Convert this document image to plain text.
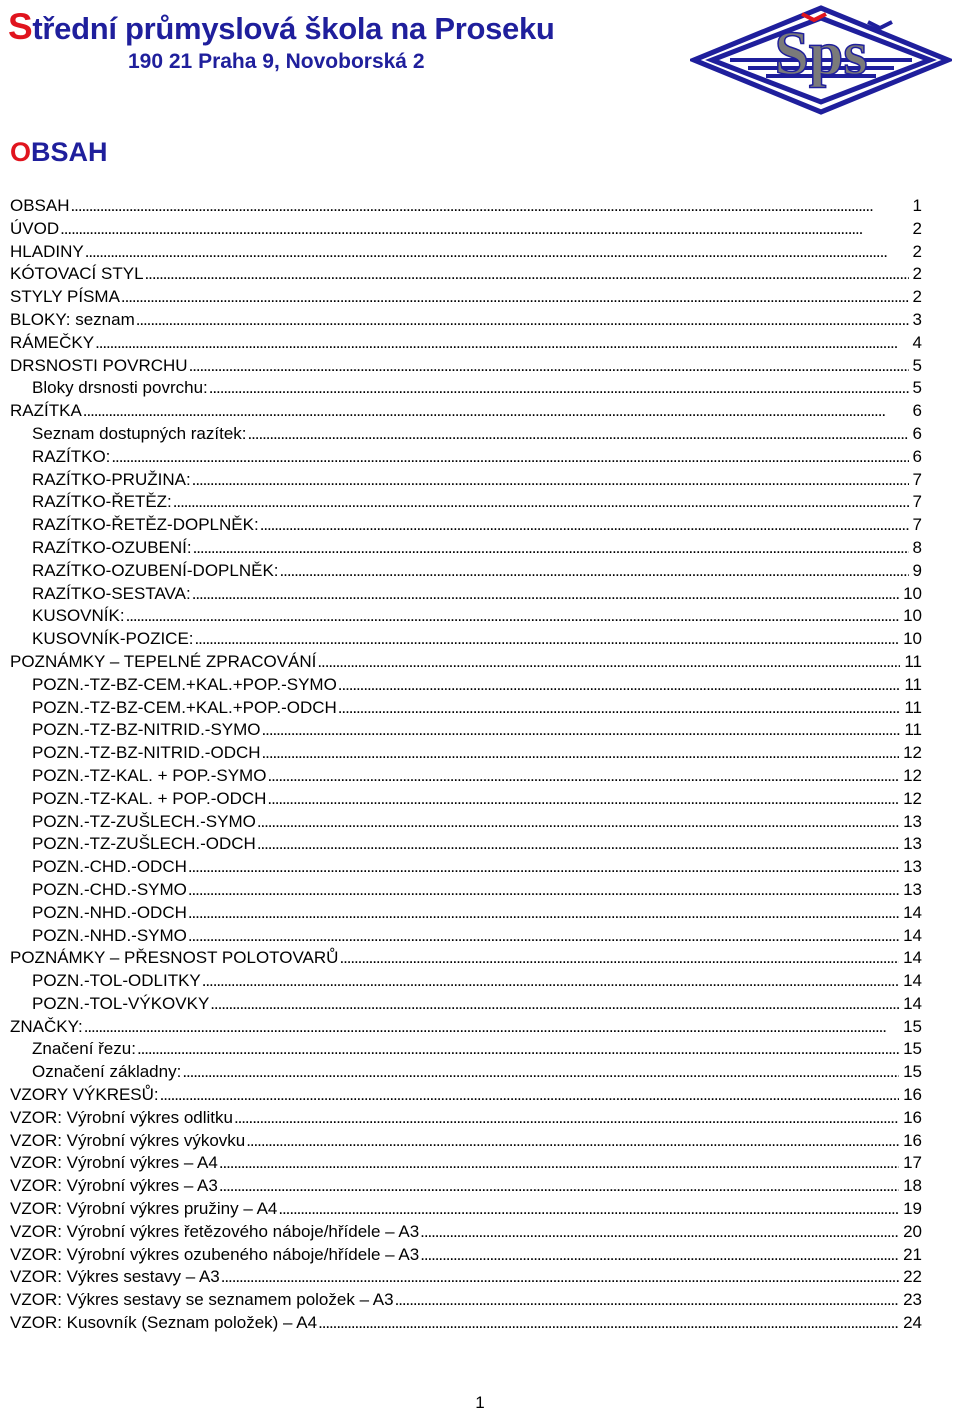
Střední průmyslová škola na Proseku
190 21 Praha 9, Novoborská 2	Sps
OBSAH
OBSAH . . .	1
ÚVOD . . .	2
HLADINY . . .	2
KÓTOVACÍ STYL . . .	2
STYLY PÍSMA . . .	2
BLOKY: seznam . . .	3
RÁMEČKY . . .	4
DRSNOSTI POVRCHU . . .	5
Bloky drsnosti povrchu: . . .	5
RAZÍTKA . . .	6
Seznam dostupných razítek: . . .	6
RAZÍTKO: . . .	6
RAZÍTKO-PRUŽINA: . . .	7
RAZÍTKO-ŘETĚZ: . . .	7
RAZÍTKO-ŘETĚZ-DOPLNĚK: . . .	7
RAZÍTKO-OZUBENÍ: . . .	8
RAZÍTKO-OZUBENÍ-DOPLNĚK: . . .	9
RAZÍTKO-SESTAVA: . . .	10
KUSOVNÍK: . . .	10
KUSOVNÍK-POZICE: . . .	10
POZNÁMKY – TEPELNÉ ZPRACOVÁNÍ . . .	11
POZN.-TZ-BZ-CEM.+KAL.+POP.-SYMO . . .	11
POZN.-TZ-BZ-CEM.+KAL.+POP.-ODCH . . .	11
POZN.-TZ-BZ-NITRID.-SYMO . . .	11
POZN.-TZ-BZ-NITRID.-ODCH . . .	12
POZN.-TZ-KAL. + POP.-SYMO . . .	12
POZN.-TZ-KAL. + POP.-ODCH . . .	12
POZN.-TZ-ZUŠLECH.-SYMO . . .	13
POZN.-TZ-ZUŠLECH.-ODCH . . .	13
POZN.-CHD.-ODCH . . .	13
POZN.-CHD.-SYMO . . .	13
POZN.-NHD.-ODCH . . .	14
POZN.-NHD.-SYMO . . .	14
POZNÁMKY – PŘESNOST POLOTOVARŮ . . .	14
POZN.-TOL-ODLITKY . . .	14
POZN.-TOL-VÝKOVKY . . .	14
ZNAČKY: . . .	15
Značení řezu: . . .	15
Označení základny: . . .	15
VZORY VÝKRESŮ: . . .	16
VZOR: Výrobní výkres odlitku . . .	16
VZOR: Výrobní výkres výkovku . . .	16
VZOR: Výrobní výkres – A4 . . .	17
VZOR: Výrobní výkres – A3 . . .	18
VZOR: Výrobní výkres pružiny – A4 . . .	19
VZOR: Výrobní výkres řetězového náboje/hřídele – A3 . . .	20
VZOR: Výrobní výkres ozubeného náboje/hřídele – A3 . . .	21
VZOR: Výkres sestavy – A3 . . .	22
VZOR: Výkres sestavy se seznamem položek – A3 . . .	23
VZOR: Kusovník (Seznam položek) – A4 . . .	24
1
